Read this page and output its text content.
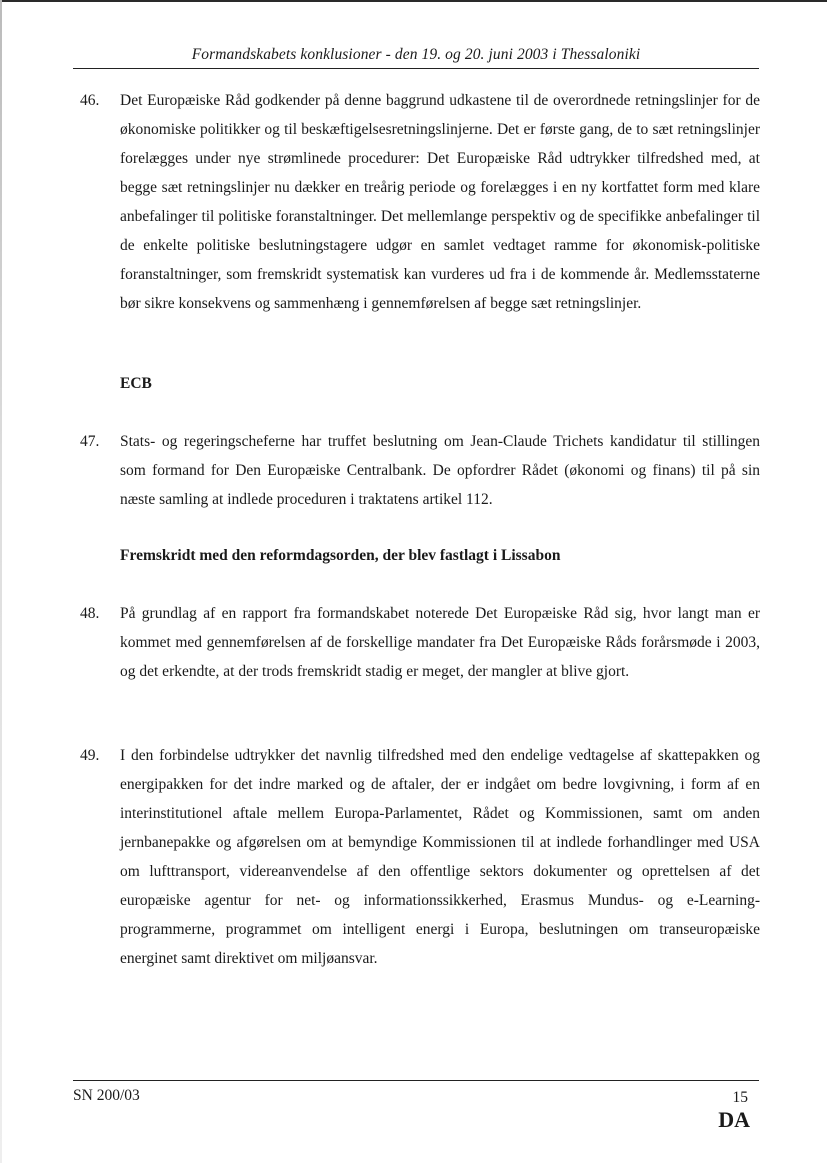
Formandskabets konklusioner - den 19. og 20. juni 2003 i Thessaloniki
46. Det Europæiske Råd godkender på denne baggrund udkastene til de overordnede retningslinjer for de økonomiske politikker og til beskæftigelsesretningslinjerne. Det er første gang, de to sæt retningslinjer forelægges under nye strømlinede procedurer: Det Europæiske Råd udtrykker tilfredshed med, at begge sæt retningslinjer nu dækker en treårig periode og forelægges i en ny kortfattet form med klare anbefalinger til politiske foranstaltninger. Det mellemlange perspektiv og de specifikke anbefalinger til de enkelte politiske beslutningstagere udgør en samlet vedtaget ramme for økonomisk-politiske foranstaltninger, som fremskridt systematisk kan vurderes ud fra i de kommende år. Medlemsstaterne bør sikre konsekvens og sammenhæng i gennemførelsen af begge sæt retningslinjer.

ECB
47. Stats- og regeringscheferne har truffet beslutning om Jean-Claude Trichets kandidatur til stillingen som formand for Den Europæiske Centralbank. De opfordrer Rådet (økonomi og finans) til på sin næste samling at indlede proceduren i traktatens artikel 112.

Fremskridt med den reformdagsorden, der blev fastlagt i Lissabon
48. På grundlag af en rapport fra formandskabet noterede Det Europæiske Råd sig, hvor langt man er kommet med gennemførelsen af de forskellige mandater fra Det Europæiske Råds forårsmøde i 2003, og det erkendte, at der trods fremskridt stadig er meget, der mangler at blive gjort.

49. I den forbindelse udtrykker det navnlig tilfredshed med den endelige vedtagelse af skattepakken og energipakken for det indre marked og de aftaler, der er indgået om bedre lovgivning, i form af en interinstitutionel aftale mellem Europa-Parlamentet, Rådet og Kommissionen, samt om anden jernbanepakke og afgørelsen om at bemyndige Kommissionen til at indlede forhandlinger med USA om lufttransport, videreanvendelse af den offentlige sektors dokumenter og oprettelsen af det europæiske agentur for net- og informationssikkerhed, Erasmus Mundus- og e-Learning-programmerne, programmet om intelligent energi i Europa, beslutningen om transeuropæiske energinet samt direktivet om miljøansvar.

SN 200/03	15
DA
